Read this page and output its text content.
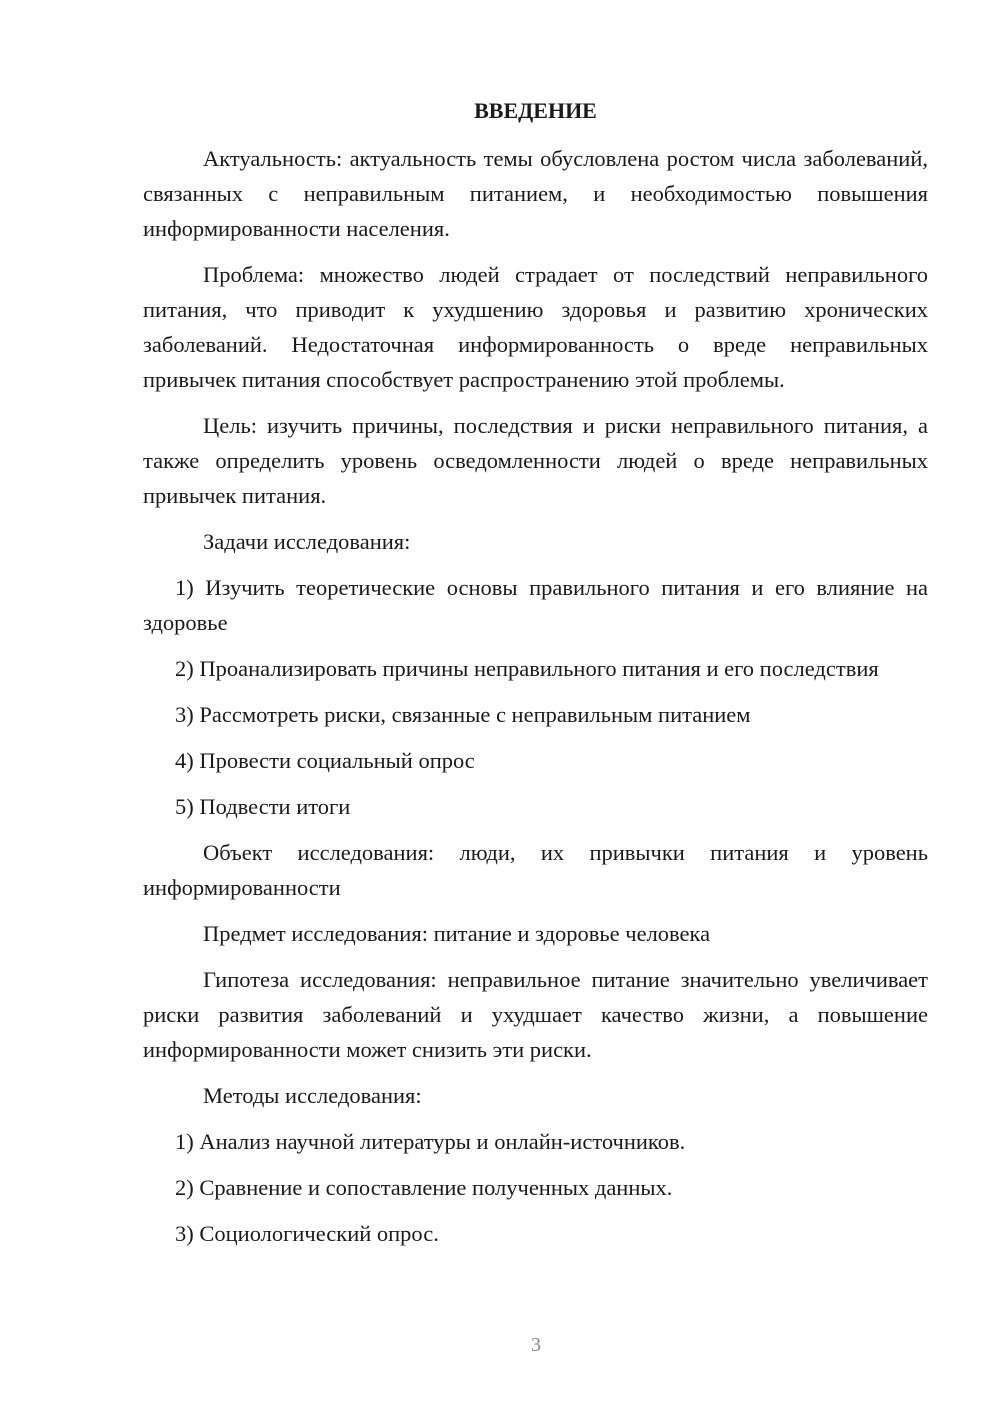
ВВЕДЕНИЕ

Актуальность: актуальность темы обусловлена ростом числа заболеваний, связанных с неправильным питанием, и необходимостью повышения информированности населения.

Проблема: множество людей страдает от последствий неправильного питания, что приводит к ухудшению здоровья и развитию хронических заболеваний. Недостаточная информированность о вреде неправильных привычек питания способствует распространению этой проблемы.

Цель: изучить причины, последствия и риски неправильного питания, а также определить уровень осведомленности людей о вреде неправильных привычек питания.

Задачи исследования:

1) Изучить теоретические основы правильного питания и его влияние на здоровье

2) Проанализировать причины неправильного питания и его последствия

3) Рассмотреть риски, связанные с неправильным питанием

4) Провести социальный опрос

5) Подвести итоги

Объект исследования: люди, их привычки питания и уровень информированности

Предмет исследования: питание и здоровье человека

Гипотеза исследования: неправильное питание значительно увеличивает риски развития заболеваний и ухудшает качество жизни, а повышение информированности может снизить эти риски.

Методы исследования:

1) Анализ научной литературы и онлайн-источников.

2) Сравнение и сопоставление полученных данных.

3) Социологический опрос.

3
